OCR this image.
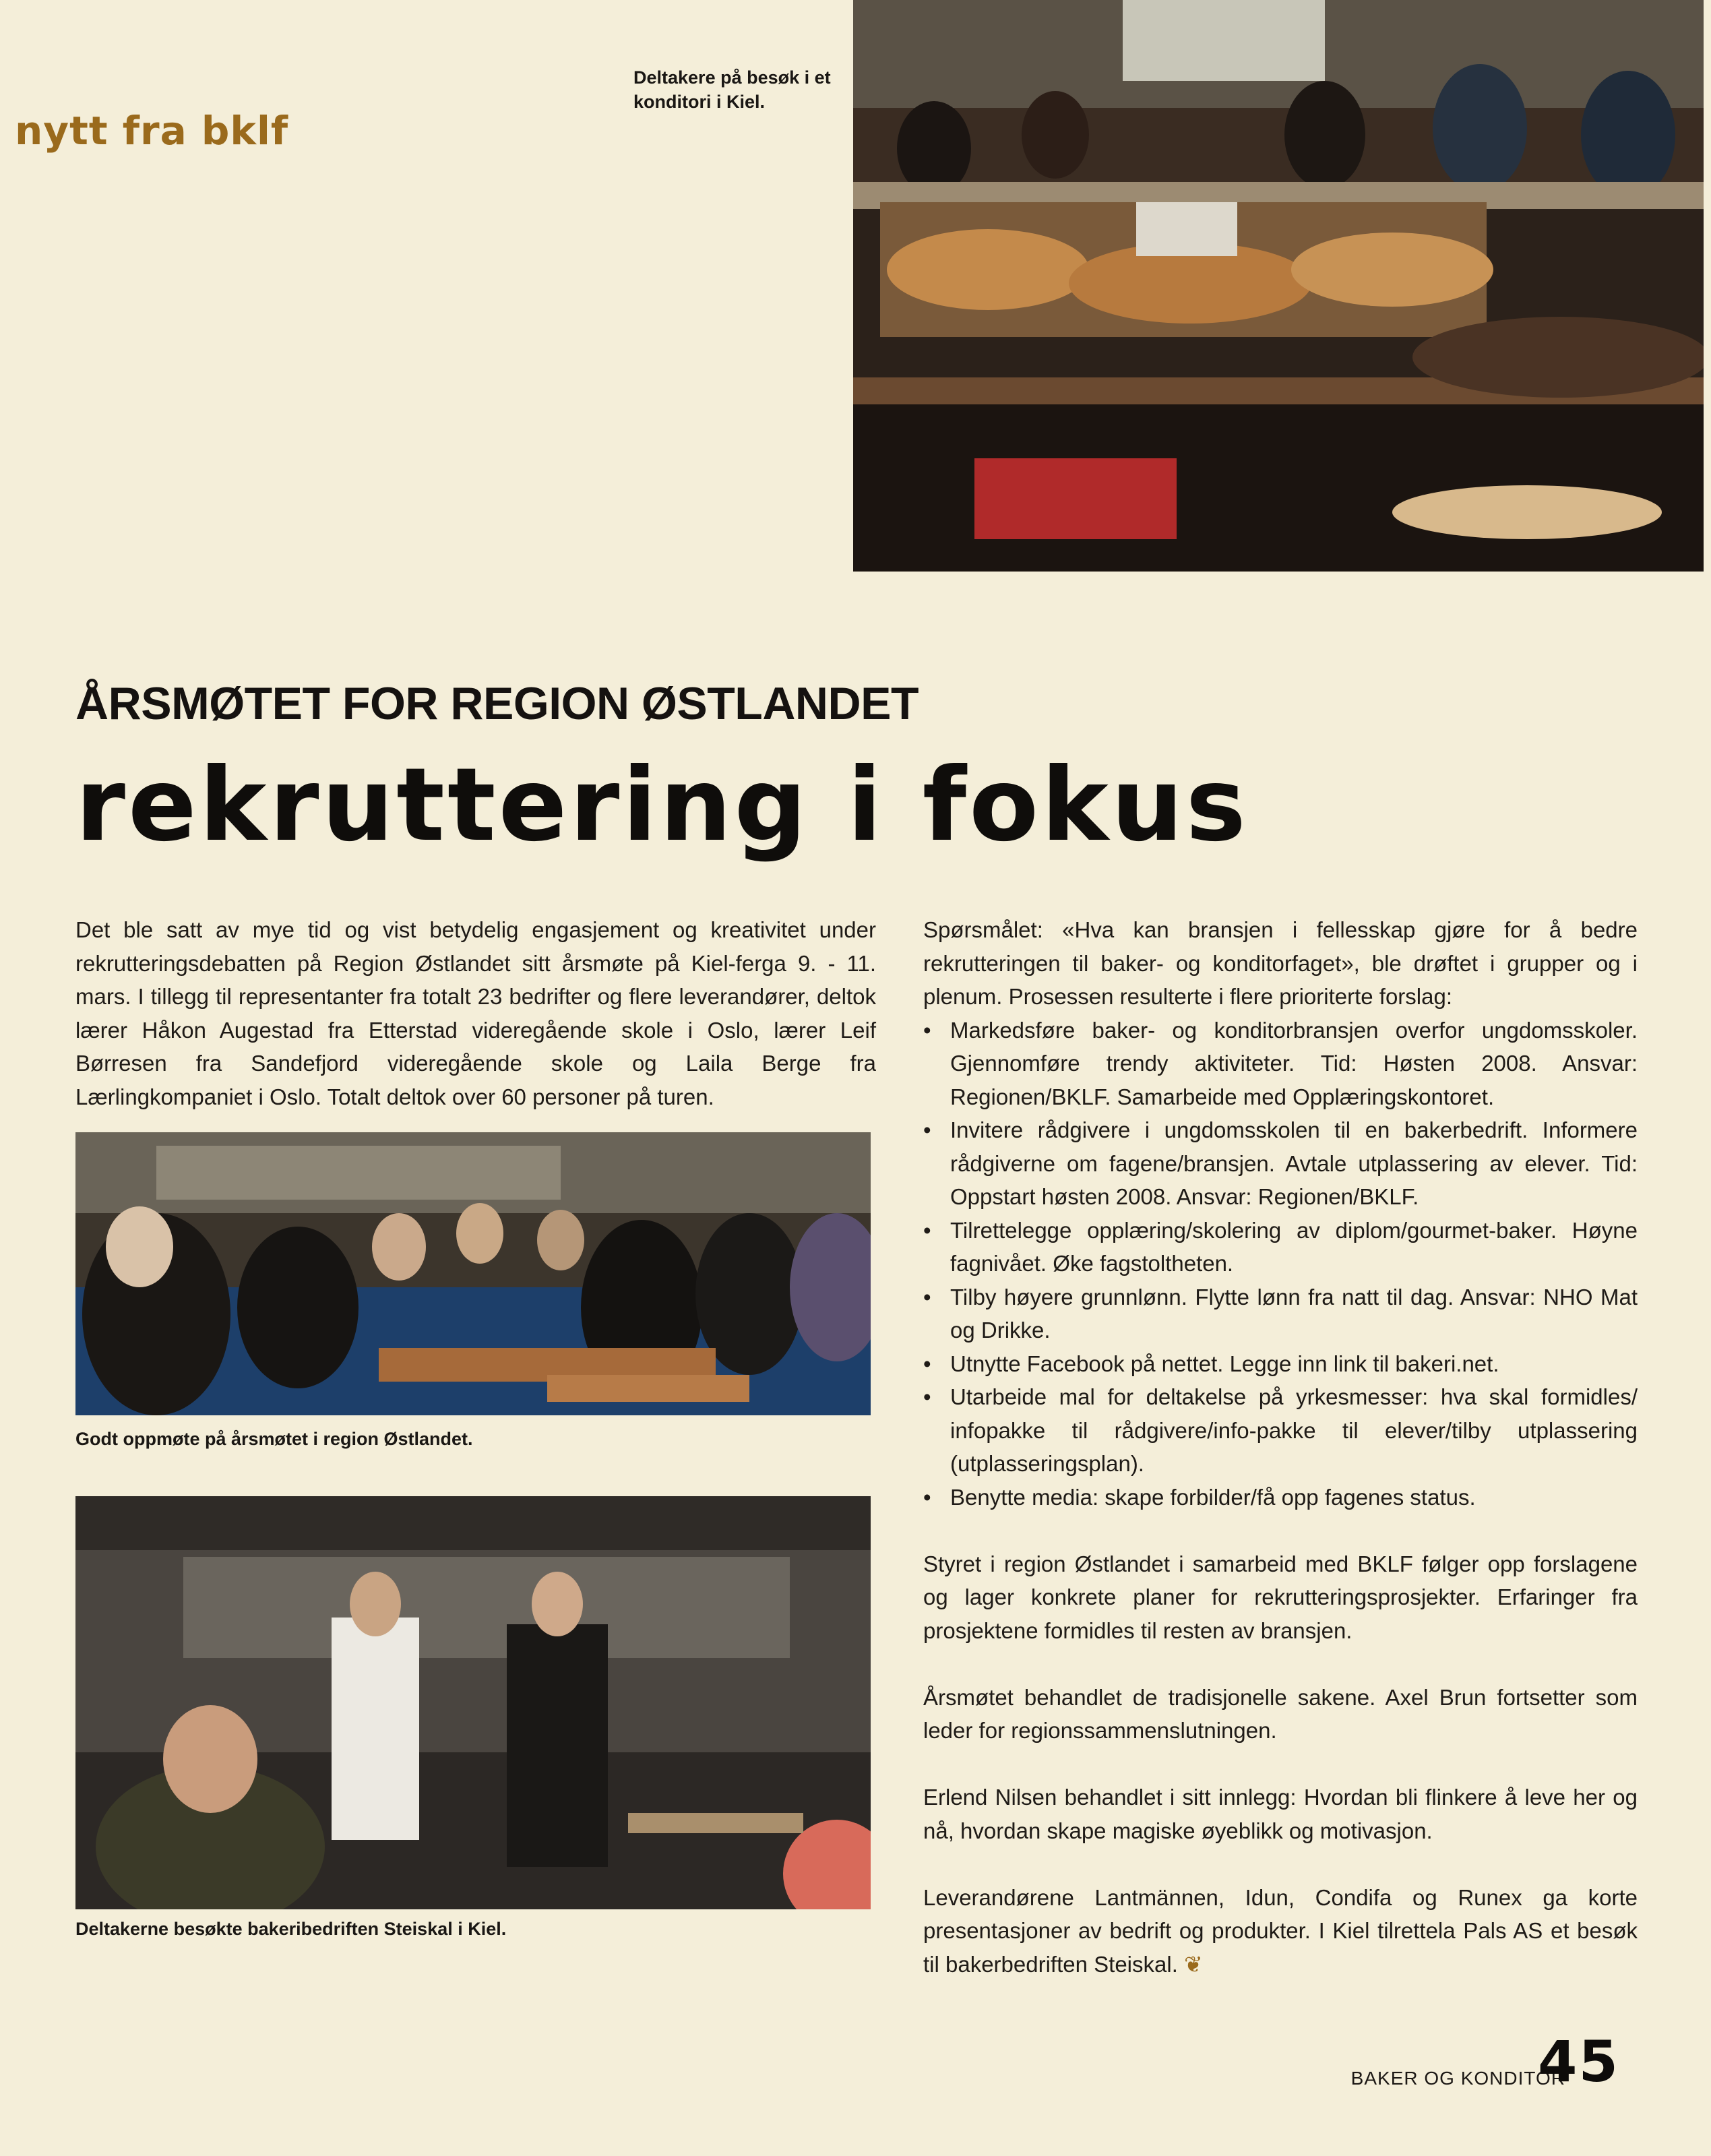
nytt fra bklf
Deltakere på besøk i et konditori i Kiel.
ÅRSMØTET FOR REGION ØSTLANDET
rekruttering i fokus
Det ble satt av mye tid og vist betydelig engasjement og kreativitet under rekrutteringsdebatten på Region Østlandet sitt årsmøte på Kiel-ferga 9. - 11. mars. I tillegg til representanter fra totalt 23 bedrifter og flere leverandører, deltok lærer Håkon Augestad fra Etterstad videregående skole i Oslo, lærer Leif Børresen fra Sandefjord videregående skole og Laila Berge fra Lærlingkompaniet i Oslo. Totalt deltok over 60 personer på turen.
Godt oppmøte på årsmøtet i region Østlandet.
Deltakerne besøkte bakeribedriften Steiskal i Kiel.

Spørsmålet: «Hva kan bransjen i fellesskap gjøre for å bedre rekrutteringen til baker- og konditorfaget», ble drøftet i grupper og i plenum. Prosessen resulterte i flere prioriterte forslag:

• Markedsføre baker- og konditorbransjen overfor ungdomsskoler. Gjennomføre trendy aktiviteter. Tid: Høsten 2008. Ansvar: Regionen/BKLF. Samarbeide med Opplæringskontoret.
• Invitere rådgivere i ungdomsskolen til en bakerbedrift. Informere rådgiverne om fagene/bransjen. Avtale utplassering av elever. Tid: Oppstart høsten 2008. Ansvar: Regionen/BKLF.
• Tilrettelegge opplæring/skolering av diplom/gourmet-baker. Høyne fagnivået. Øke fagstoltheten.
• Tilby høyere grunnlønn. Flytte lønn fra natt til dag. Ansvar: NHO Mat og Drikke.
• Utnytte Facebook på nettet. Legge inn link til bakeri.net.
• Utarbeide mal for deltakelse på yrkesmesser: hva skal formidles/ infopakke til rådgivere/info-pakke til elever/tilby utplassering (utplasseringsplan).
• Benytte media: skape forbilder/få opp fagenes status.

Styret i region Østlandet i samarbeid med BKLF følger opp forslagene og lager konkrete planer for rekrutteringsprosjekter. Erfaringer fra prosjektene formidles til resten av bransjen.

Årsmøtet behandlet de tradisjonelle sakene. Axel Brun fortsetter som leder for regionssammenslutningen.

Erlend Nilsen behandlet i sitt innlegg: Hvordan bli flinkere å leve her og nå, hvordan skape magiske øyeblikk og motivasjon.

Leverandørene Lantmännen, Idun, Condifa og Runex ga korte presentasjoner av bedrift og produkter. I Kiel tilrettela Pals AS et besøk til bakerbedriften Steiskal. ❦

BAKER OG KONDITOR
45
